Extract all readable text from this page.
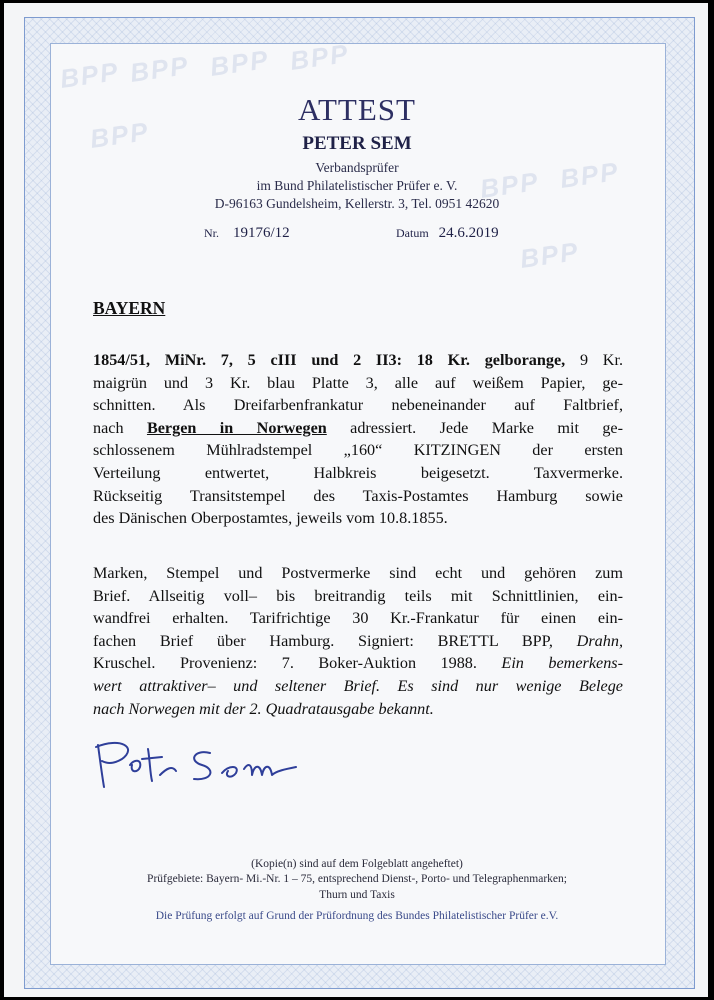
BPP BPP BPP BPP
BPP
BPP BPP
BPP
ATTEST
PETER SEM
Verbandsprüfer
im Bund Philatelistischer Prüfer e. V.
D-96163 Gundelsheim, Kellerstr. 3, Tel. 0951 42620
Nr. 19176/12	Datum 24.6.2019
BAYERN
1854/51, MiNr. 7, 5 cIII und 2 II3: 18 Kr. gelborange, 9 Kr.
maigrün und 3 Kr. blau Platte 3, alle auf weißem Papier, ge-
schnitten. Als Dreifarbenfrankatur nebeneinander auf Faltbrief,
nach Bergen in Norwegen adressiert. Jede Marke mit ge-
schlossenem Mühlradstempel „160“ KITZINGEN der ersten
Verteilung entwertet, Halbkreis beigesetzt. Taxvermerke.
Rückseitig Transitstempel des Taxis-Postamtes Hamburg sowie
des Dänischen Oberpostamtes, jeweils vom 10.8.1855.
Marken, Stempel und Postvermerke sind echt und gehören zum
Brief. Allseitig voll– bis breitrandig teils mit Schnittlinien, ein-
wandfrei erhalten. Tarifrichtige 30 Kr.-Frankatur für einen ein-
fachen Brief über Hamburg. Signiert: BRETTL BPP, Drahn,
Kruschel. Provenienz: 7. Boker-Auktion 1988. Ein bemerkens-
wert attraktiver– und seltener Brief. Es sind nur wenige Belege
nach Norwegen mit der 2. Quadratausgabe bekannt.
(Kopie(n) sind auf dem Folgeblatt angeheftet)
Prüfgebiete: Bayern- Mi.-Nr. 1 – 75, entsprechend Dienst-, Porto- und Telegraphenmarken;
Thurn und Taxis
Die Prüfung erfolgt auf Grund der Prüfordnung des Bundes Philatelistischer Prüfer e.V.
